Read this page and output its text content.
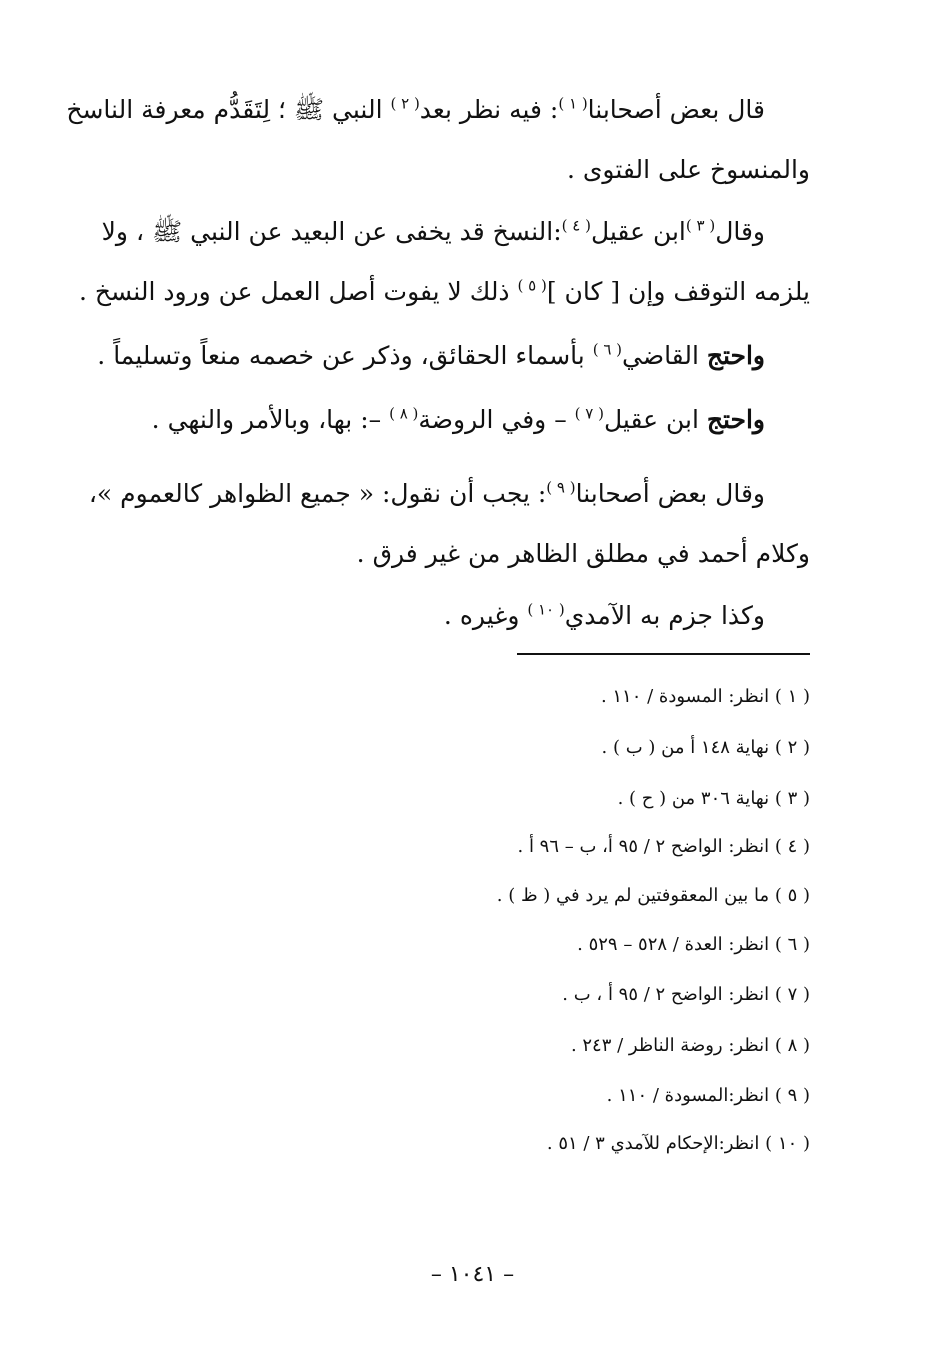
قال بعض أصحابنا$^{( ١ )}$: فيه نظر بعد$^{( ٢ )}$ النبي ﷺ ؛ لِتَقَدُّم معرفة الناسخ
والمنسوخ على الفتوى .
وقال$^{( ٣ )}$ابن عقيل$^{( ٤ )}$:النسخ قد يخفى عن البعيد عن النبي ﷺ ، ولا
يلزمه التوقف وإن [ كان ]$^{( ٥ )}$ ذلك لا يفوت أصل العمل عن ورود النسخ .
واحتج القاضي$^{( ٦ )}$ بأسماء الحقائق، وذكر عن خصمه منعاً وتسليماً .
واحتج ابن عقيل$^{( ٧ )}$ – وفي الروضة$^{( ٨ )}$ –: بها، وبالأمر والنهي .
وقال بعض أصحابنا$^{( ٩ )}$: يجب أن نقول: « جميع الظواهر كالعموم »،
وكلام أحمد في مطلق الظاهر من غير فرق .
وكذا جزم به الآمدي$^{( ١٠ )}$ وغيره .
( ١ ) انظر: المسودة / ١١٠ .
( ٢ ) نهاية ١٤٨ أ من ( ب ) .
( ٣ ) نهاية ٣٠٦ من ( ح ) .
( ٤ ) انظر: الواضح ٢ / ٩٥ أ، ب – ٩٦ أ .
( ٥ ) ما بين المعقوفتين لم يرد في ( ظ ) .
( ٦ ) انظر: العدة / ٥٢٨ – ٥٢٩ .
( ٧ ) انظر: الواضح ٢ / ٩٥ أ ، ب .
( ٨ ) انظر: روضة الناظر / ٢٤٣ .
( ٩ ) انظر:المسودة / ١١٠ .
( ١٠ ) انظر:الإحكام للآمدي ٣ / ٥١ .
– ١٠٤١ –
